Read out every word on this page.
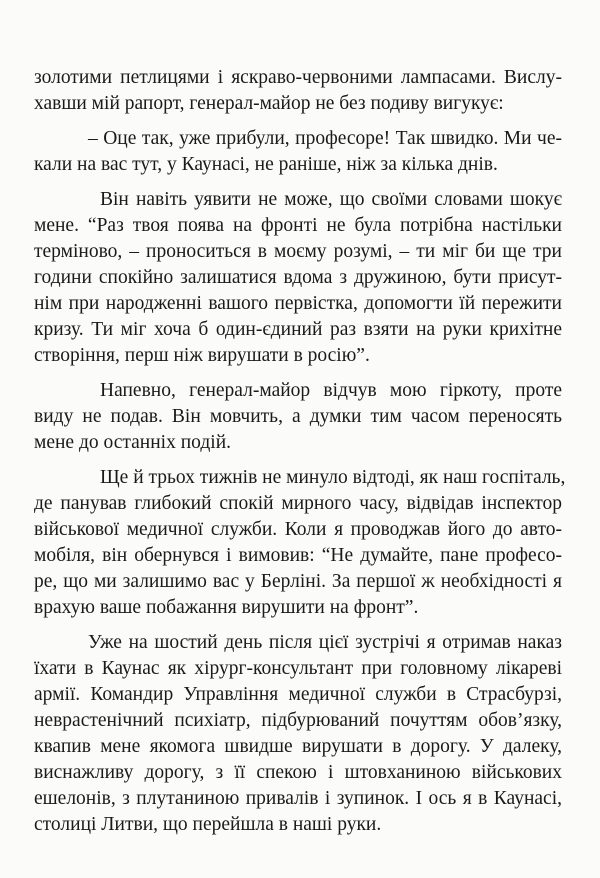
золотими петлицями і яскраво-червоними лампасами. Вислу-
хавши мій рапорт, генерал-майор не без подиву вигукує:
– Оце так, уже прибули, професоре! Так швидко. Ми че-
кали на вас тут, у Каунасі, не раніше, ніж за кілька днів.
Він навіть уявити не може, що своїми словами шокує
мене. “Раз твоя поява на фронті не була потрібна настільки
терміново, – проноситься в моєму розумі, – ти міг би ще три
години спокійно залишатися вдома з дружиною, бути присут-
нім при народженні вашого первістка, допомогти їй пережити
кризу. Ти міг хоча б один-єдиний раз взяти на руки крихітне
створіння, перш ніж вирушати в росію”.
Напевно, генерал-майор відчув мою гіркоту, проте
виду не подав. Він мовчить, а думки тим часом переносять
мене до останніх подій.
Ще й трьох тижнів не минуло відтоді, як наш госпіталь,
де панував глибокий спокій мирного часу, відвідав інспектор
військової медичної служби. Коли я проводжав його до авто-
мобіля, він обернувся і вимовив: “Не думайте, пане професо-
ре, що ми залишимо вас у Берліні. За першої ж необхідності я
врахую ваше побажання вирушити на фронт”.
Уже на шостий день після цієї зустрічі я отримав наказ
їхати в Каунас як хірург-консультант при головному лікареві
армії. Командир Управління медичної служби в Страсбурзі,
неврастенічний психіатр, підбурюваний почуттям обов’язку,
квапив мене якомога швидше вирушати в дорогу. У далеку,
виснажливу дорогу, з її спекою і штовханиною військових
ешелонів, з плутаниною привалів і зупинок. І ось я в Каунасі,
столиці Литви, що перейшла в наші руки.
